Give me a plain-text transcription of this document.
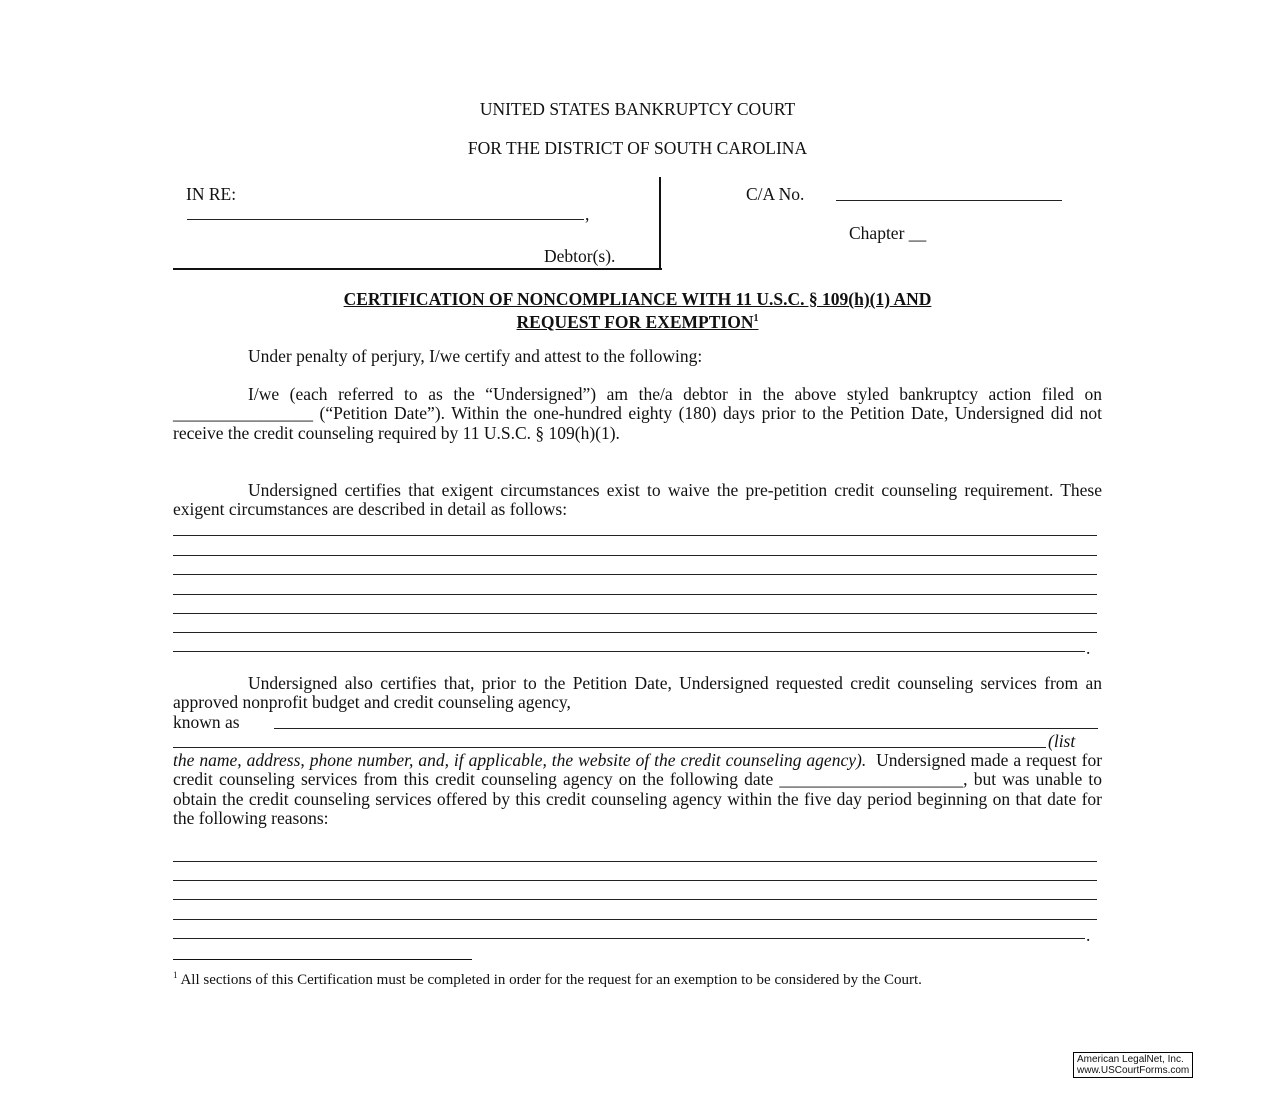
UNITED STATES BANKRUPTCY COURT
FOR THE DISTRICT OF SOUTH CAROLINA
IN RE:
,
Debtor(s).
C/A No.
Chapter __
CERTIFICATION OF NONCOMPLIANCE WITH 11 U.S.C. § 109(h)(1) AND
REQUEST FOR EXEMPTION$^1$
Under penalty of perjury, I/we certify and attest to the following:
I/we (each referred to as the “Undersigned”) am the/a debtor in the above styled bankruptcy action filed on ________________ (“Petition Date”). Within the one-hundred eighty (180) days prior to the Petition Date, Undersigned did not receive the credit counseling required by 11 U.S.C. § 109(h)(1).
Undersigned certifies that exigent circumstances exist to waive the pre-petition credit counseling requirement. These exigent circumstances are described in detail as follows:
.
Undersigned also certifies that, prior to the Petition Date, Undersigned requested credit counseling services from an approved nonprofit budget and credit counseling agency,
known as
(list
the name, address, phone number, and, if applicable, the website of the credit counseling agency). Undersigned made a request for credit counseling services from this credit counseling agency on the following date _____________________, but was unable to obtain the credit counseling services offered by this credit counseling agency within the five day period beginning on that date for the following reasons:
.
$^1$ All sections of this Certification must be completed in order for the request for an exemption to be considered by the Court.
American LegalNet, Inc.
www.USCourtForms.com
